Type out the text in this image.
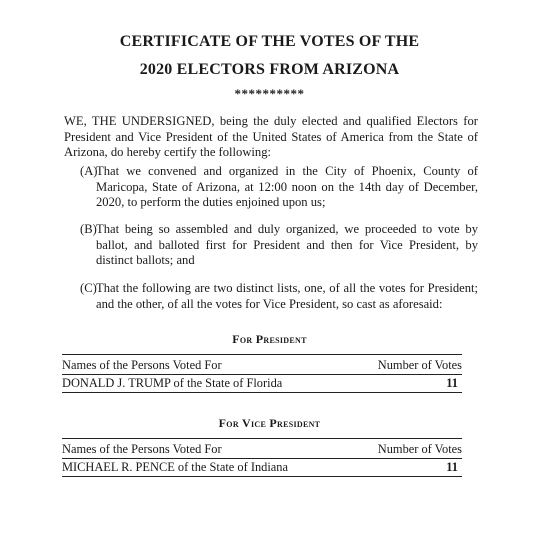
CERTIFICATE OF THE VOTES OF THE
2020 ELECTORS FROM ARIZONA
**********
WE, THE UNDERSIGNED, being the duly elected and qualified Electors for President and Vice President of the United States of America from the State of Arizona, do hereby certify the following:
(A)
That we convened and organized in the City of Phoenix, County of Maricopa, State of Arizona, at 12:00 noon on the 14th day of December, 2020, to perform the duties enjoined upon us;
(B) That being so assembled and duly organized, we proceeded to vote by ballot, and balloted first for President and then for Vice President, by distinct ballots; and
(C) That the following are two distinct lists, one, of all the votes for President; and the other, of all the votes for Vice President, so cast as aforesaid:
For President
Names of the Persons Voted For	Number of Votes
DONALD J. TRUMP of the State of Florida	11
For Vice President
Names of the Persons Voted For	Number of Votes
MICHAEL R. PENCE of the State of Indiana	11
